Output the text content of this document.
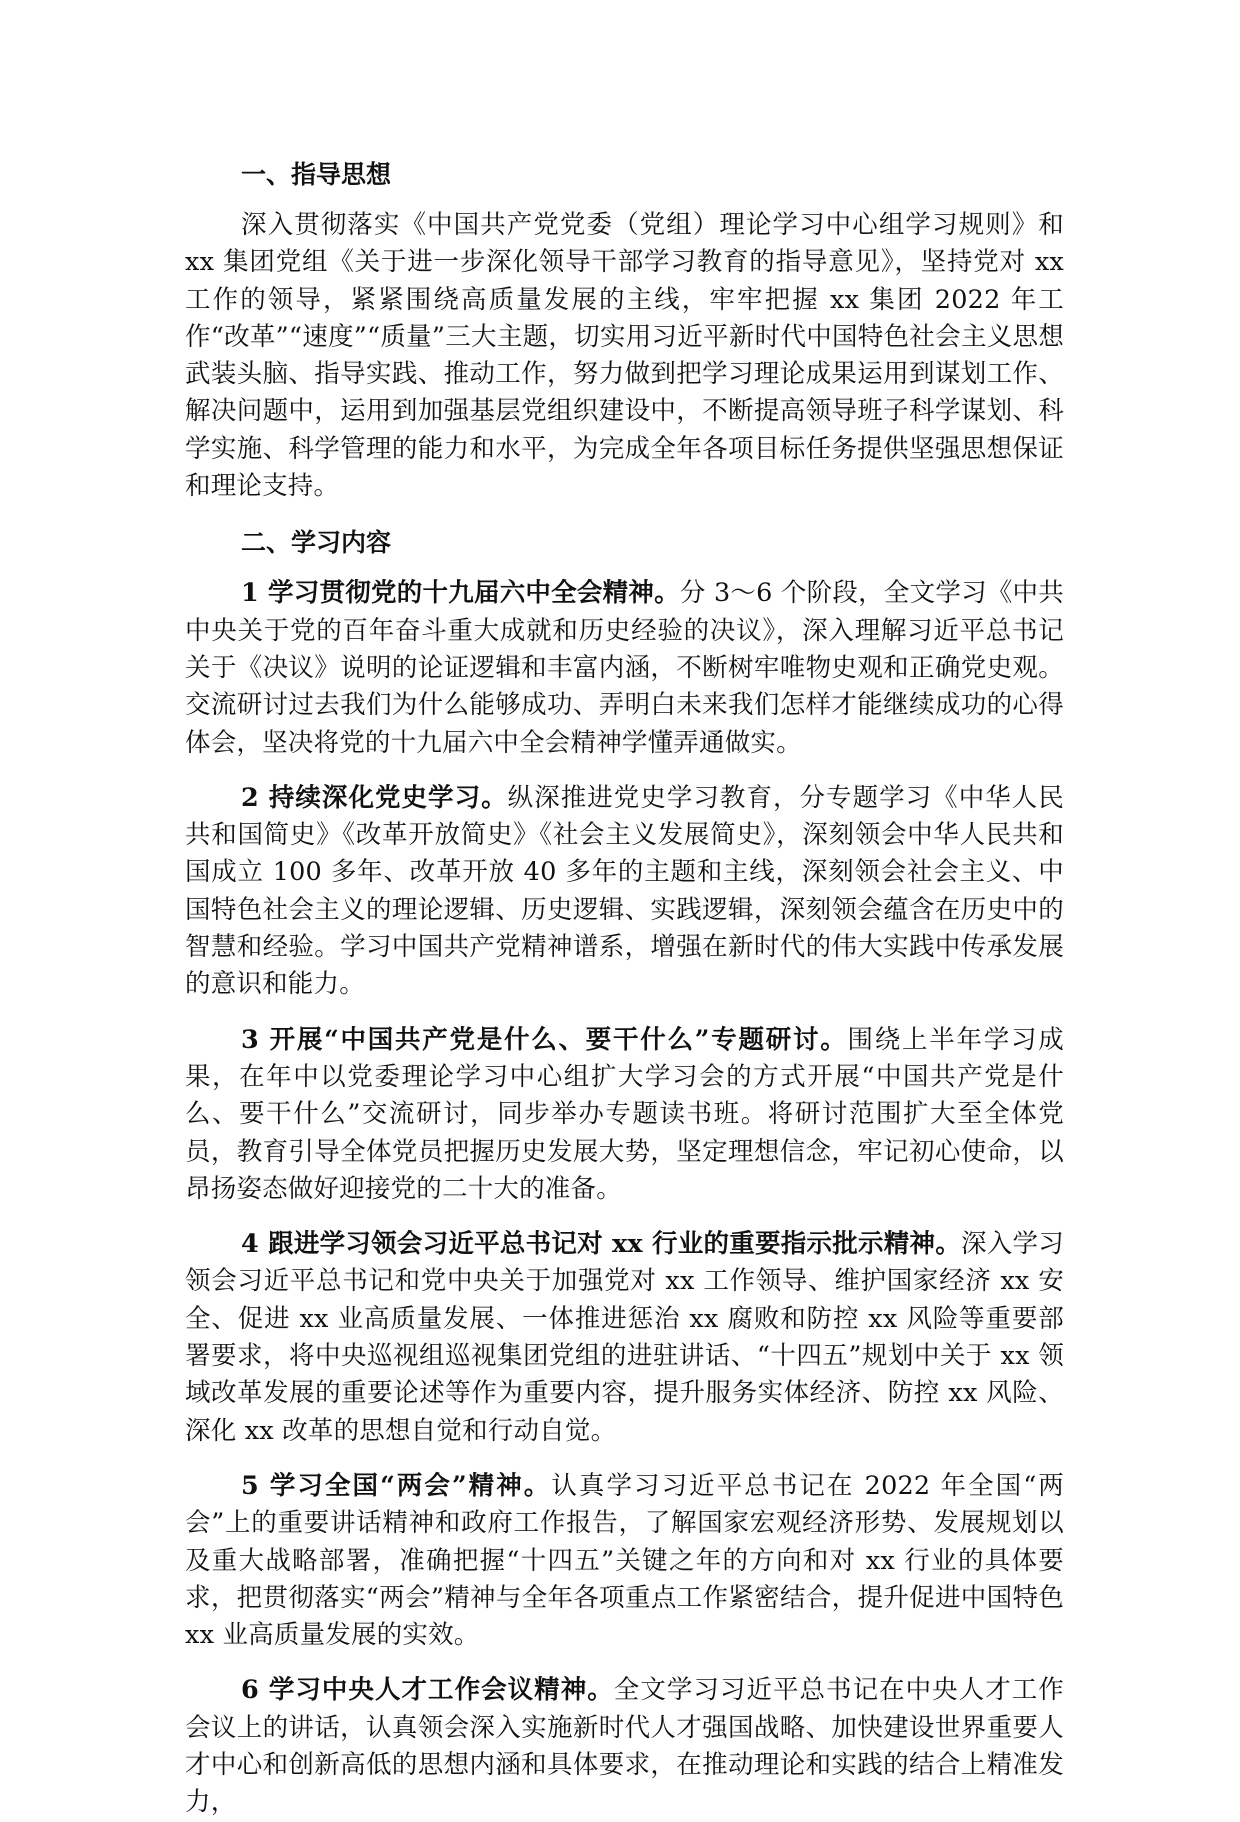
一、指导思想

深入贯彻落实《中国共产党党委（党组）理论学习中心组学习规则》和 xx 集团党组《关于进一步深化领导干部学习教育的指导意见》，坚持党对 xx 工作的领导，紧紧围绕高质量发展的主线，牢牢把握 xx 集团 2022 年工作“改革”“速度”“质量”三大主题，切实用习近平新时代中国特色社会主义思想武装头脑、指导实践、推动工作，努力做到把学习理论成果运用到谋划工作、解决问题中，运用到加强基层党组织建设中，不断提高领导班子科学谋划、科学实施、科学管理的能力和水平，为完成全年各项目标任务提供坚强思想保证和理论支持。

二、学习内容

1 学习贯彻党的十九届六中全会精神。分 3～6 个阶段，全文学习《中共中央关于党的百年奋斗重大成就和历史经验的决议》，深入理解习近平总书记关于《决议》说明的论证逻辑和丰富内涵，不断树牢唯物史观和正确党史观。交流研讨过去我们为什么能够成功、弄明白未来我们怎样才能继续成功的心得体会，坚决将党的十九届六中全会精神学懂弄通做实。

2 持续深化党史学习。纵深推进党史学习教育，分专题学习《中华人民共和国简史》《改革开放简史》《社会主义发展简史》，深刻领会中华人民共和国成立 100 多年、改革开放 40 多年的主题和主线，深刻领会社会主义、中国特色社会主义的理论逻辑、历史逻辑、实践逻辑，深刻领会蕴含在历史中的智慧和经验。学习中国共产党精神谱系，增强在新时代的伟大实践中传承发展的意识和能力。

3 开展“中国共产党是什么、要干什么”专题研讨。围绕上半年学习成果，在年中以党委理论学习中心组扩大学习会的方式开展“中国共产党是什么、要干什么”交流研讨，同步举办专题读书班。将研讨范围扩大至全体党员，教育引导全体党员把握历史发展大势，坚定理想信念，牢记初心使命，以昂扬姿态做好迎接党的二十大的准备。

4 跟进学习领会习近平总书记对 xx 行业的重要指示批示精神。深入学习领会习近平总书记和党中央关于加强党对 xx 工作领导、维护国家经济 xx 安全、促进 xx 业高质量发展、一体推进惩治 xx 腐败和防控 xx 风险等重要部署要求，将中央巡视组巡视集团党组的进驻讲话、“十四五”规划中关于 xx 领域改革发展的重要论述等作为重要内容，提升服务实体经济、防控 xx 风险、深化 xx 改革的思想自觉和行动自觉。

5 学习全国“两会”精神。认真学习习近平总书记在 2022 年全国“两会”上的重要讲话精神和政府工作报告，了解国家宏观经济形势、发展规划以及重大战略部署，准确把握“十四五”关键之年的方向和对 xx 行业的具体要求，把贯彻落实“两会”精神与全年各项重点工作紧密结合，提升促进中国特色 xx 业高质量发展的实效。

6 学习中央人才工作会议精神。全文学习习近平总书记在中央人才工作会议上的讲话，认真领会深入实施新时代人才强国战略、加快建设世界重要人才中心和创新高低的思想内涵和具体要求，在推动理论和实践的结合上精准发力，
